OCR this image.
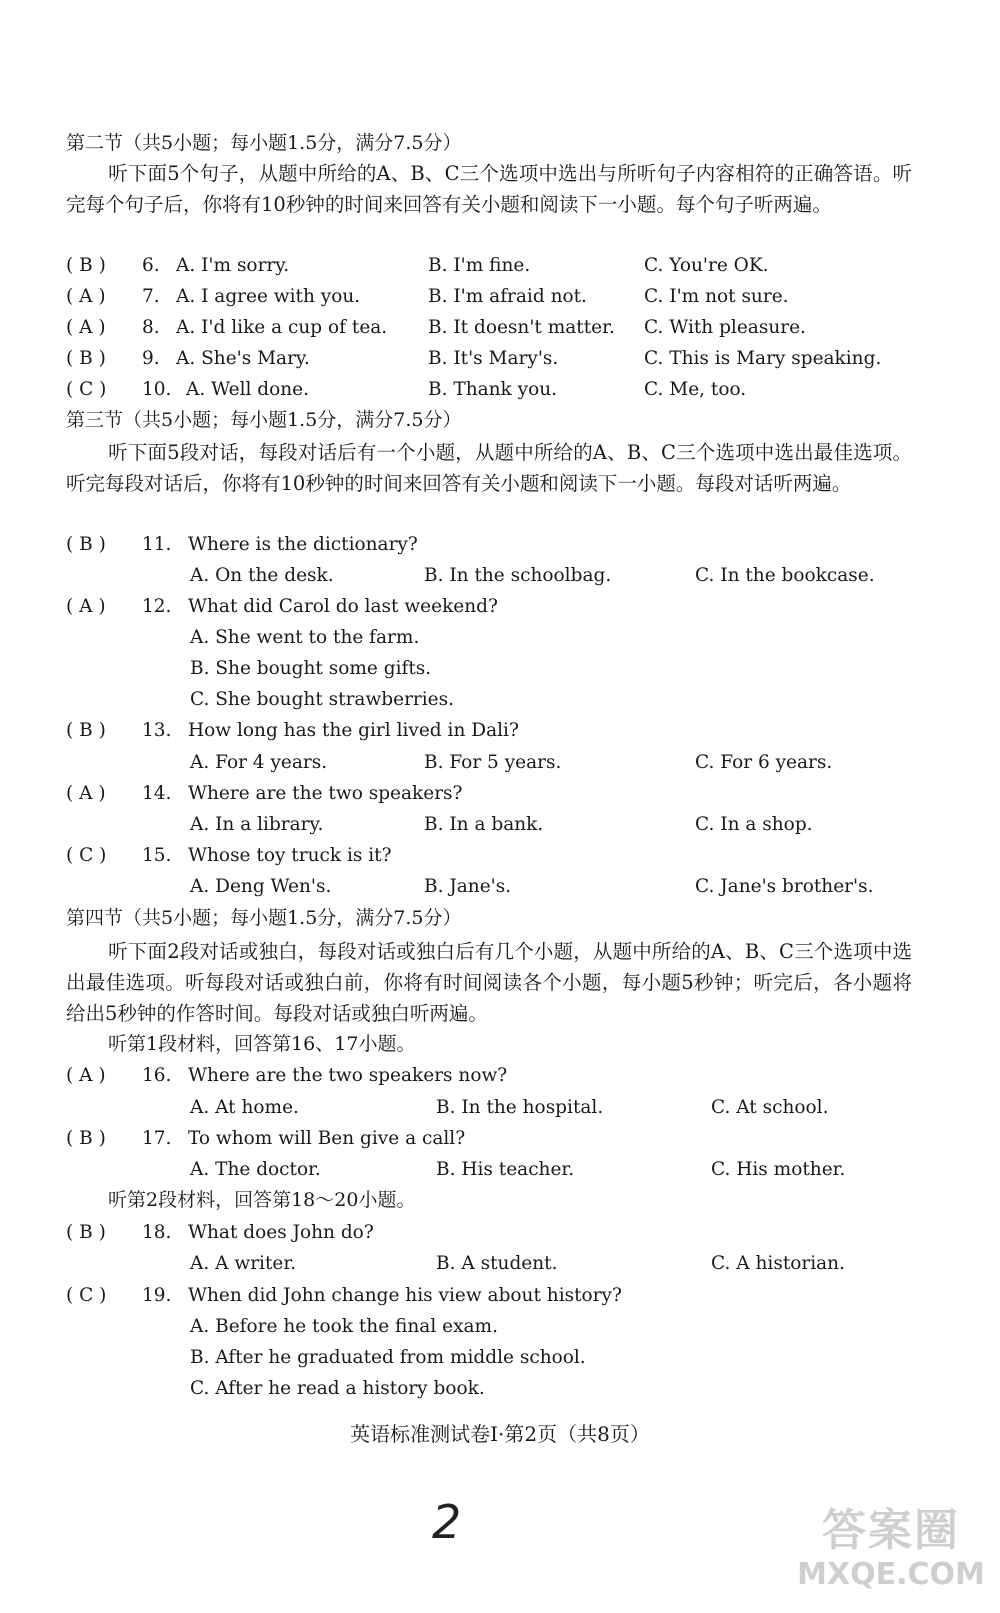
第二节（共5小题；每小题1.5分，满分7.5分）
听下面5个句子，从题中所给的A、B、C三个选项中选出与所听句子内容相符的正确答语。听完每个句子后，你将有10秒钟的时间来回答有关小题和阅读下一小题。每个句子听两遍。
( B )	6. A. I'm sorry.	B. I'm fine.	C. You're OK.
( A )	7. A. I agree with you.	B. I'm afraid not.	C. I'm not sure.
( A )	8. A. I'd like a cup of tea. B. It doesn't matter. C. With pleasure.
( B )	9. A. She's Mary.	B. It's Mary's.	C. This is Mary speaking.
( C )	10. A. Well done.	B. Thank you.	C. Me, too.
第三节（共5小题；每小题1.5分，满分7.5分）
听下面5段对话，每段对话后有一个小题，从题中所给的A、B、C三个选项中选出最佳选项。听完每段对话后，你将有10秒钟的时间来回答有关小题和阅读下一小题。每段对话听两遍。
( B )	11. Where is the dictionary?
A. On the desk.	B. In the schoolbag.	C. In the bookcase.
( A )	12. What did Carol do last weekend?
A. She went to the farm.
B. She bought some gifts.
C. She bought strawberries.
( B )	13. How long has the girl lived in Dali?
A. For 4 years.	B. For 5 years.	C. For 6 years.
( A )	14. Where are the two speakers?
A. In a library.	B. In a bank.	C. In a shop.
( C )	15. Whose toy truck is it?
A. Deng Wen's.	B. Jane's.	C. Jane's brother's.
第四节（共5小题；每小题1.5分，满分7.5分）
听下面2段对话或独白，每段对话或独白后有几个小题，从题中所给的A、B、C三个选项中选出最佳选项。听每段对话或独白前，你将有时间阅读各个小题，每小题5秒钟；听完后，各小题将给出5秒钟的作答时间。每段对话或独白听两遍。
听第1段材料，回答第16、17小题。
( A )	16. Where are the two speakers now?
A. At home.	B. In the hospital.	C. At school.
( B )	17. To whom will Ben give a call?
A. The doctor.	B. His teacher.	C. His mother.
听第2段材料，回答第18～20小题。
( B )	18. What does John do?
A. A writer.	B. A student.	C. A historian.
( C )	19. When did John change his view about history?
A. Before he took the final exam.
B. After he graduated from middle school.
C. After he read a history book.
英语标准测试卷Ⅰ·第2页（共8页）
2	答案圈
MXQE.COM
